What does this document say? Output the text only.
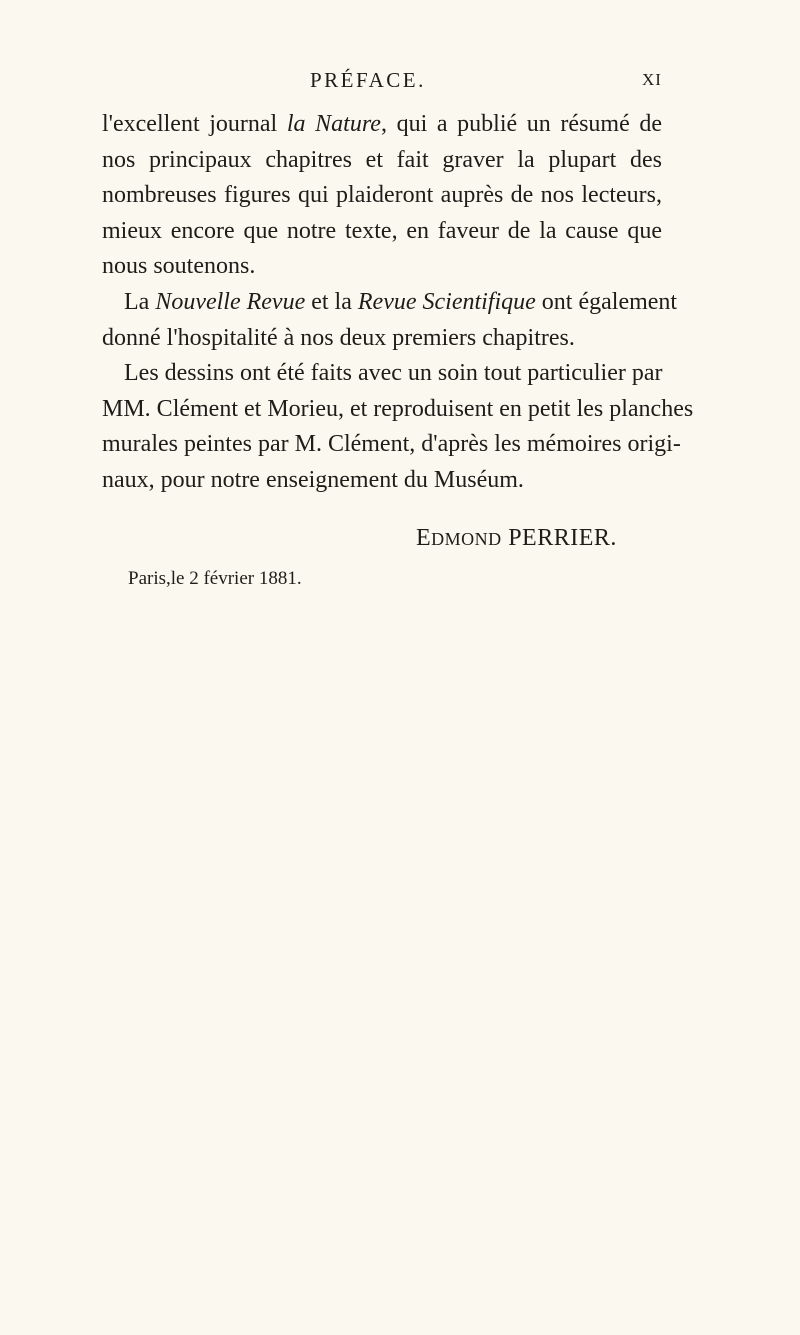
PRÉFACE.	XI
l'excellent journal la Nature, qui a publié un résumé de
nos principaux chapitres et fait graver la plupart des
nombreuses figures qui plaideront auprès de nos lecteurs,
mieux encore que notre texte, en faveur de la cause que
nous soutenons.
La Nouvelle Revue et la Revue Scientifique ont également
donné l'hospitalité à nos deux premiers chapitres.
Les dessins ont été faits avec un soin tout particulier par
MM. Clément et Morieu, et reproduisent en petit les planches
murales peintes par M. Clément, d'après les mémoires origi-
naux, pour notre enseignement du Muséum.
EDMOND PERRIER.
Paris,le 2 février 1881.
